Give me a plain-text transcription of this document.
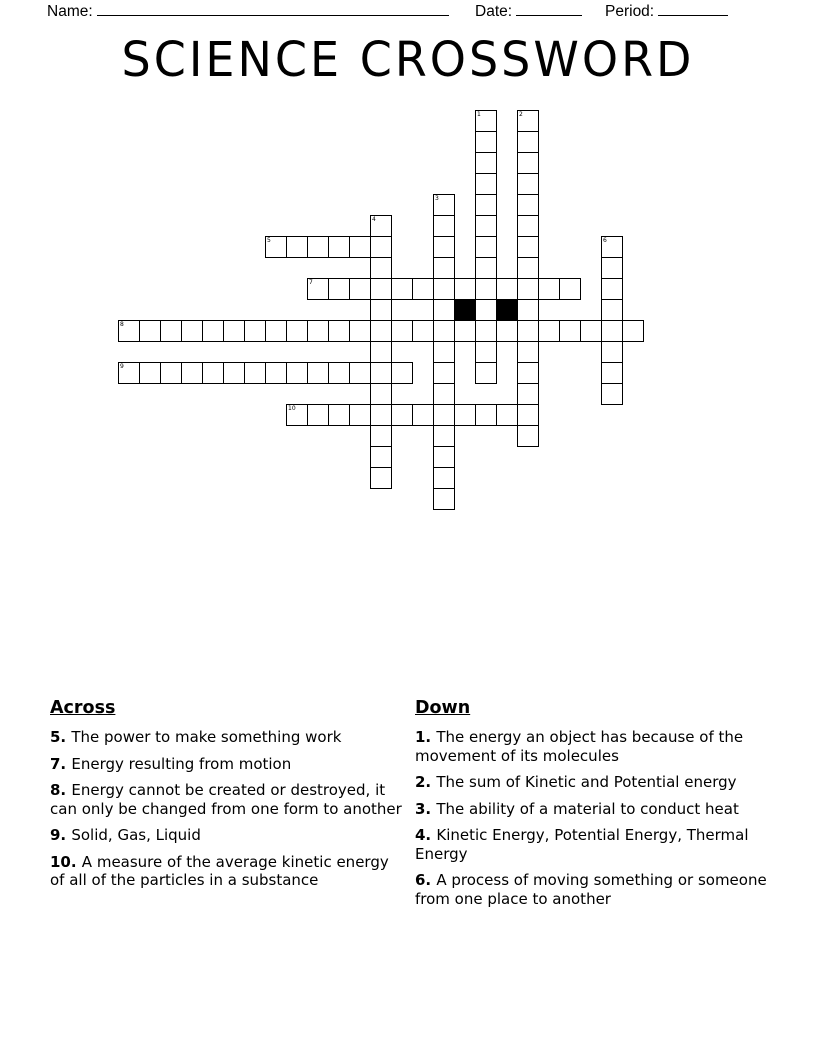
Name:	Date:	Period:
SCIENCE CROSSWORD
1	2
3
4
5	6
7
8
9
10
Across
5. The power to make something work
7. Energy resulting from motion
8. Energy cannot be created or destroyed, it can only be changed from one form to another
9. Solid, Gas, Liquid
10. A measure of the average kinetic energy of all of the particles in a substance
Down
1. The energy an object has because of the movement of its molecules
2. The sum of Kinetic and Potential energy
3. The ability of a material to conduct heat
4. Kinetic Energy, Potential Energy, Thermal Energy
6. A process of moving something or someone from one place to another
